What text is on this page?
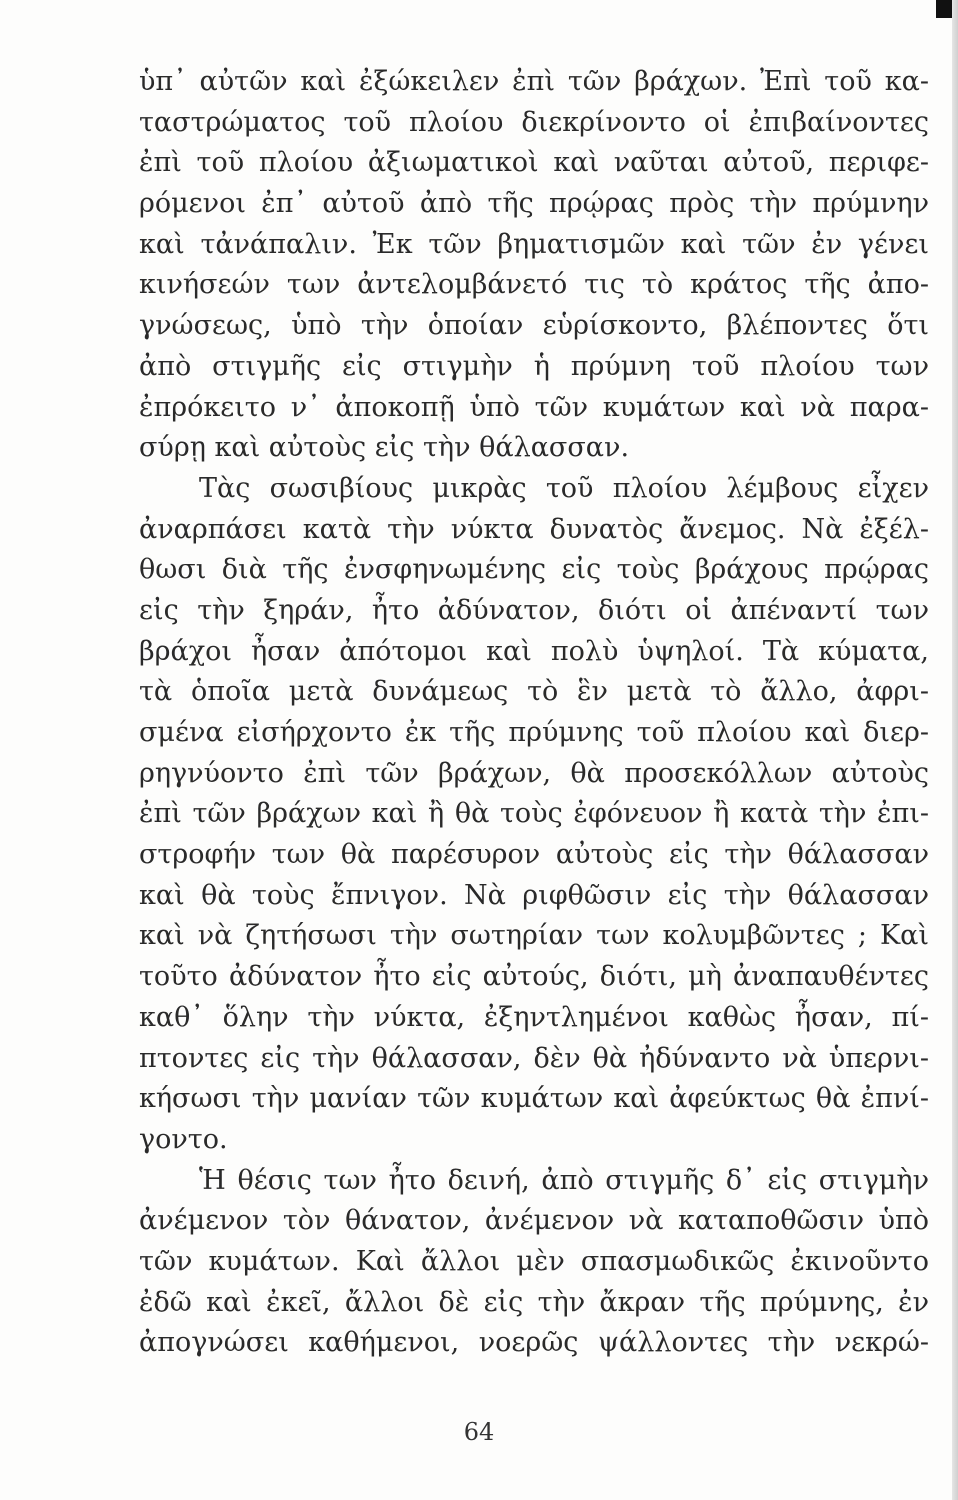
ὑπ᾿ αὐτῶν καὶ ἐξώκειλεν ἐπὶ τῶν βράχων. Ἐπὶ τοῦ κα-
ταστρώματος τοῦ πλοίου διεκρίνοντο οἱ ἐπιβαίνοντες
ἐπὶ τοῦ πλοίου ἀξιωματικοὶ καὶ ναῦται αὐτοῦ, περιφε-
ρόμενοι ἐπ᾿ αὐτοῦ ἀπὸ τῆς πρῴρας πρὸς τὴν πρύμνην
καὶ τἀνάπαλιν. Ἐκ τῶν βηματισμῶν καὶ τῶν ἐν γένει
κινήσεών των ἀντελομβάνετό τις τὸ κράτος τῆς ἀπο-
γνώσεως, ὑπὸ τὴν ὁποίαν εὑρίσκοντο, βλέποντες ὅτι
ἀπὸ στιγμῆς εἰς στιγμὴν ἡ πρύμνη τοῦ πλοίου των
ἐπρόκειτο ν᾿ ἀποκοπῇ ὑπὸ τῶν κυμάτων καὶ νὰ παρα-
σύρῃ καὶ αὐτοὺς εἰς τὴν θάλασσαν.
Τὰς σωσιβίους μικρὰς τοῦ πλοίου λέμβους εἶχεν
ἀναρπάσει κατὰ τὴν νύκτα δυνατὸς ἄνεμος. Νὰ ἐξέλ-
θωσι διὰ τῆς ἐνσφηνωμένης εἰς τοὺς βράχους πρῴρας
εἰς τὴν ξηράν, ἦτο ἀδύνατον, διότι οἱ ἀπέναντί των
βράχοι ἦσαν ἀπότομοι καὶ πολὺ ὑψηλοί. Τὰ κύματα,
τὰ ὁποῖα μετὰ δυνάμεως τὸ ἓν μετὰ τὸ ἄλλο, ἀφρι-
σμένα εἰσήρχοντο ἐκ τῆς πρύμνης τοῦ πλοίου καὶ διερ-
ρηγνύοντο ἐπὶ τῶν βράχων, θὰ προσεκόλλων αὐτοὺς
ἐπὶ τῶν βράχων καὶ ἢ θὰ τοὺς ἐφόνευον ἢ κατὰ τὴν ἐπι-
στροφήν των θὰ παρέσυρον αὐτοὺς εἰς τὴν θάλασσαν
καὶ θὰ τοὺς ἔπνιγον. Νὰ ριφθῶσιν εἰς τὴν θάλασσαν
καὶ νὰ ζητήσωσι τὴν σωτηρίαν των κολυμβῶντες ; Καὶ
τοῦτο ἀδύνατον ἦτο εἰς αὐτούς, διότι, μὴ ἀναπαυθέντες
καθ᾿ ὅλην τὴν νύκτα, ἐξηντλημένοι καθὼς ἦσαν, πί-
πτοντες εἰς τὴν θάλασσαν, δὲν θὰ ἠδύναντο νὰ ὑπερνι-
κήσωσι τὴν μανίαν τῶν κυμάτων καὶ ἀφεύκτως θὰ ἐπνί-
γοντο.
Ἡ θέσις των ἦτο δεινή, ἀπὸ στιγμῆς δ᾿ εἰς στιγμὴν
ἀνέμενον τὸν θάνατον, ἀνέμενον νὰ καταποθῶσιν ὑπὸ
τῶν κυμάτων. Καὶ ἄλλοι μὲν σπασμωδικῶς ἐκινοῦντο
ἐδῶ καὶ ἐκεῖ, ἄλλοι δὲ εἰς τὴν ἄκραν τῆς πρύμνης, ἐν
ἀπογνώσει καθήμενοι, νοερῶς ψάλλοντες τὴν νεκρώ-
64
